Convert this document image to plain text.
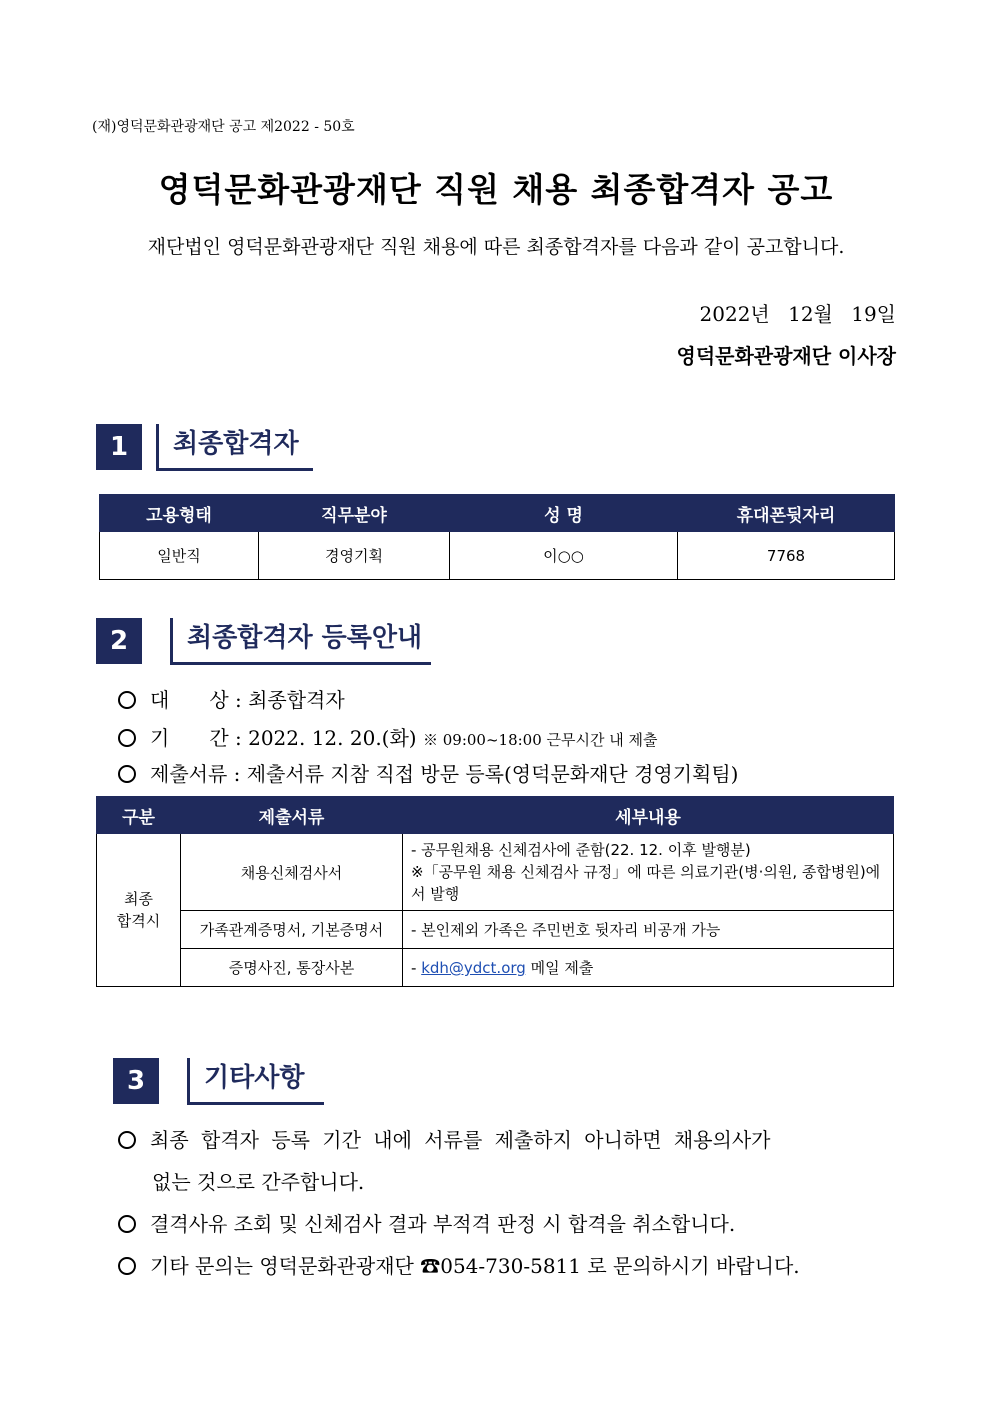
(재)영덕문화관광재단 공고 제2022 - 50호
영덕문화관광재단 직원 채용 최종합격자 공고
재단법인 영덕문화관광재단 직원 채용에 따른 최종합격자를 다음과 같이 공고합니다.
2022년 12월 19일
영덕문화관광재단 이사장
1	최종합격자
고용형태	직무분야	성 명	휴대폰뒷자리
일반직	경영기획	이○○	7768
2	최종합격자 등록안내
대　　상 : 최종합격자
기　　간 : 2022. 12. 20.(화) ※ 09:00~18:00 근무시간 내 제출
제출서류 : 제출서류 지참 직접 방문 등록(영덕문화재단 경영기획팀)
구분	제출서류	세부내용
최종
합격시	채용신체검사서	- 공무원채용 신체검사에 준함(22. 12. 이후 발행분)
※「공무원 채용 신체검사 규정」에 따른 의료기관(병·의원, 종합병원)에서 발행
	가족관계증명서, 기본증명서	- 본인제외 가족은 주민번호 뒷자리 비공개 가능
	증명사진, 통장사본	- kdh@ydct.org 메일 제출
3	기타사항
최종 합격자 등록 기간 내에 서류를 제출하지 아니하면 채용의사가
없는 것으로 간주합니다.
결격사유 조회 및 신체검사 결과 부적격 판정 시 합격을 취소합니다.
기타 문의는 영덕문화관광재단 ☎054-730-5811 로 문의하시기 바랍니다.
